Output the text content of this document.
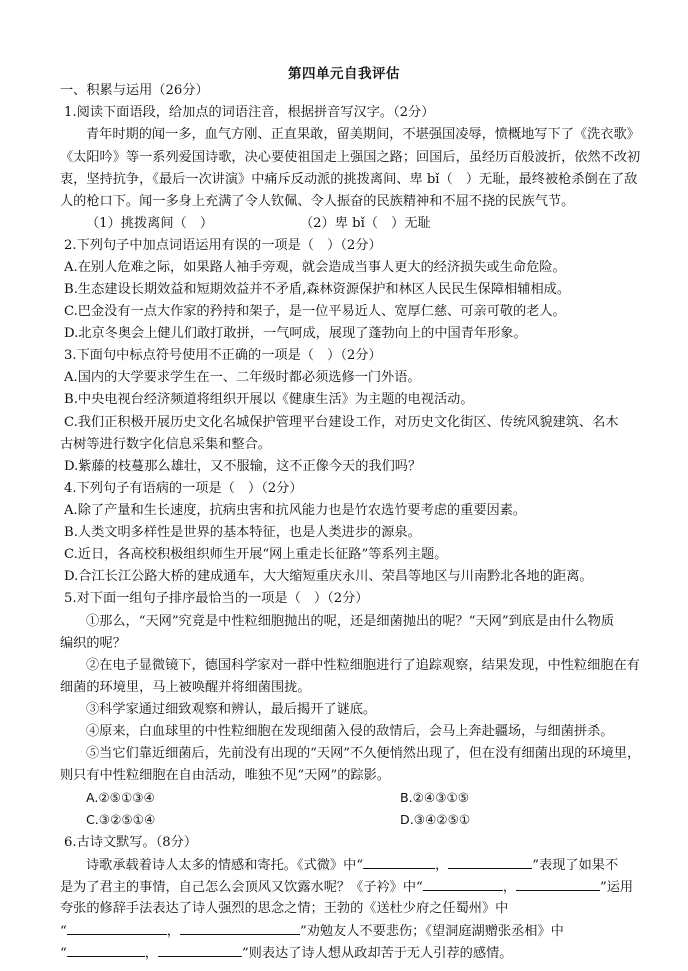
第四单元自我评估
一、积累与运用（26分）
1.阅读下面语段，给加点的词语注音，根据拼音写汉字。（2分）
青年时期的闻一多，血气方刚、正直果敢，留美期间，不堪强国凌辱，愤概地写下了《洗衣歌》
《太阳吟》等一系列爱国诗歌，决心要使祖国走上强国之路；回国后，虽经历百般波折，依然不改初
衷，坚持抗争，《最后一次讲演》中痛斥反动派的挑拨离间、卑 bǐ（　）无耻，最终被枪杀倒在了敌
人的枪口下。闻一多身上充满了令人钦佩、令人振奋的民族精神和不屈不挠的民族气节。
（1）挑拨离间（　）	（2）卑 bǐ（　）无耻
2.下列句子中加点词语运用有误的一项是（　）（2分）
A.在别人危难之际，如果路人袖手旁观，就会造成当事人更大的经济损失或生命危险。
B.生态建设长期效益和短期效益并不矛盾,森林资源保护和林区人民民生保障相辅相成。
C.巴金没有一点大作家的矜持和架子，是一位平易近人、宽厚仁慈、可亲可敬的老人。
D.北京冬奥会上健儿们敢打敢拼，一气呵成，展现了蓬勃向上的中国青年形象。
3.下面句中标点符号使用不正确的一项是（　）（2分）
A.国内的大学要求学生在一、二年级时都必须选修一门外语。
B.中央电视台经济频道将组织开展以《健康生活》为主题的电视活动。
C.我们正积极开展历史文化名城保护管理平台建设工作，对历史文化街区、传统风貌建筑、名木
古树等进行数字化信息采集和整合。
D.紫藤的枝蔓那么雄壮，又不服输，这不正像今天的我们吗？
4.下列句子有语病的一项是（　）（2分）
A.除了产量和生长速度，抗病虫害和抗风能力也是竹农选竹要考虑的重要因素。
B.人类文明多样性是世界的基本特征，也是人类进步的源泉。
C.近日，各高校积极组织师生开展“网上重走长征路”等系列主题。
D.合江长江公路大桥的建成通车，大大缩短重庆永川、荣昌等地区与川南黔北各地的距离。
5.对下面一组句子排序最恰当的一项是（　）（2分）
①那么，“天网”究竟是中性粒细胞抛出的呢，还是细菌抛出的呢？“天网”到底是由什么物质
编织的呢？
②在电子显微镜下，德国科学家对一群中性粒细胞进行了追踪观察，结果发现，中性粒细胞在有
细菌的环境里，马上被唤醒并将细菌围拢。
③科学家通过细致观察和辨认，最后揭开了谜底。
④原来，白血球里的中性粒细胞在发现细菌入侵的敌情后，会马上奔赴疆场，与细菌拼杀。
⑤当它们靠近细菌后，先前没有出现的“天网”不久便悄然出现了，但在没有细菌出现的环境里，
则只有中性粒细胞在自由活动，唯独不见“天网”的踪影。
A.②⑤①③④	B.②④③①⑤
C.③②⑤①④	D.③④②⑤①
6.古诗文默写。（8分）
诗歌承载着诗人太多的情感和寄托。《式微》中“	，	”表现了如果不
是为了君主的事情，自己怎么会顶风又饮露水呢？《子衿》中“	，	”运用
夸张的修辞手法表达了诗人强烈的思念之情；王勃的《送杜少府之任蜀州》中
“	，	”劝勉友人不要悲伤；《望洞庭湖赠张丞相》中
“	，	”则表达了诗人想从政却苦于无人引荐的感情。
